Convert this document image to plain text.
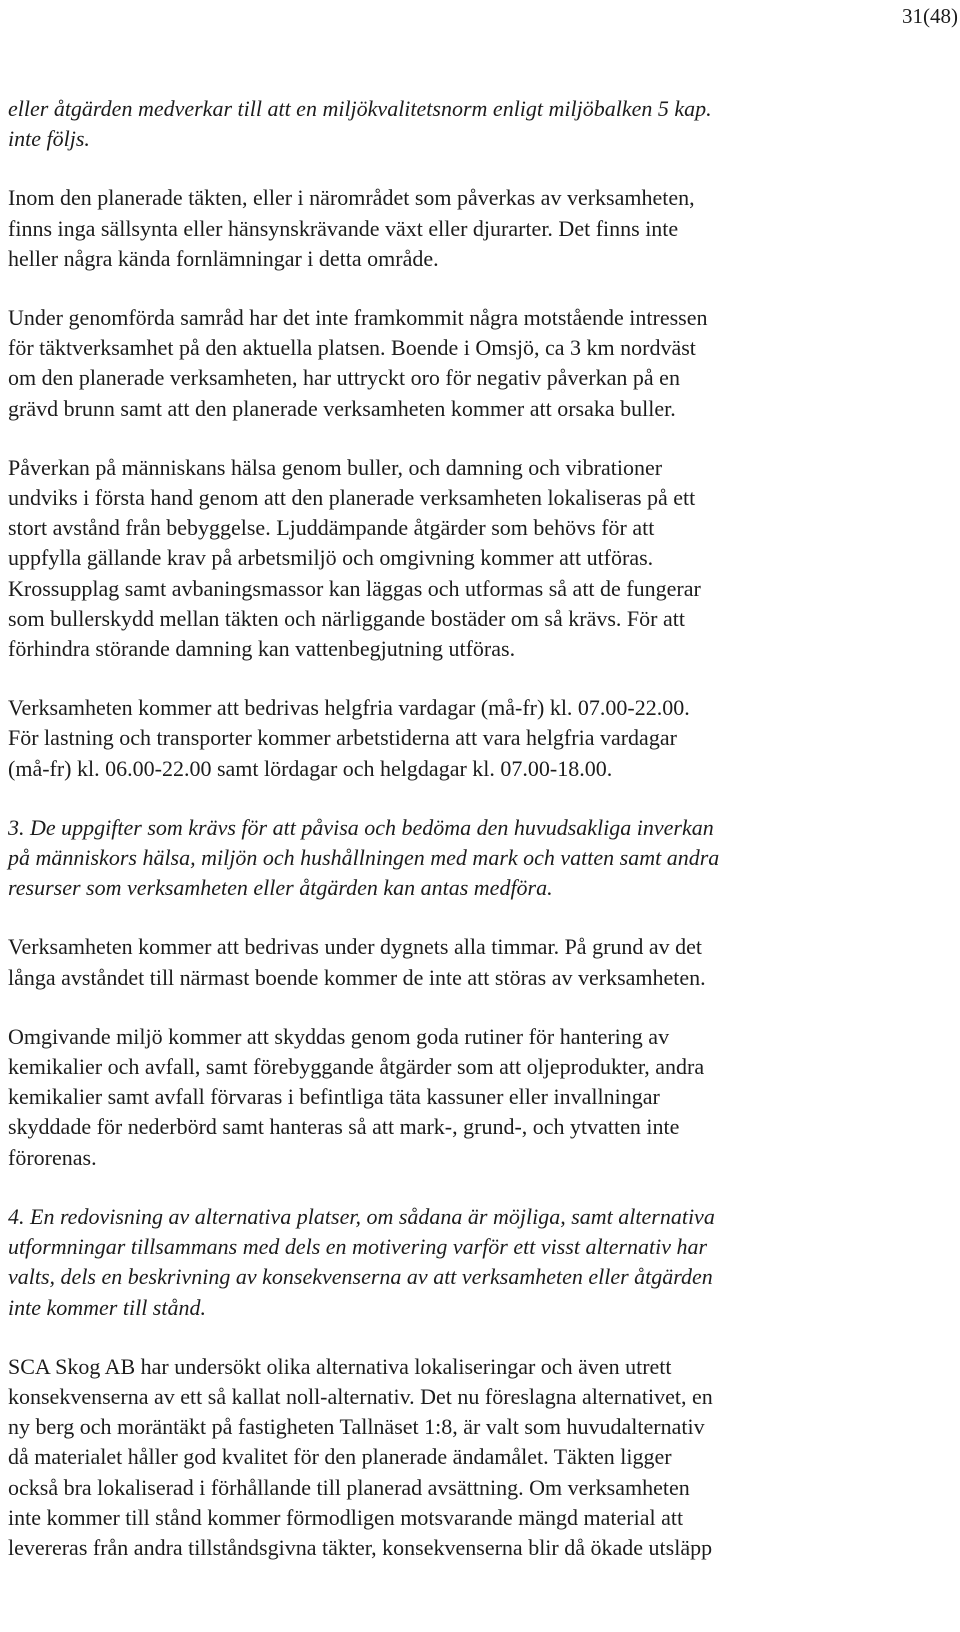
31(48)

eller åtgärden medverkar till att en miljökvalitetsnorm enligt miljöbalken 5 kap.
inte följs.

Inom den planerade täkten, eller i närområdet som påverkas av verksamheten,
finns inga sällsynta eller hänsynskrävande växt eller djurarter. Det finns inte
heller några kända fornlämningar i detta område.

Under genomförda samråd har det inte framkommit några motstående intressen
för täktverksamhet på den aktuella platsen. Boende i Omsjö, ca 3 km nordväst
om den planerade verksamheten, har uttryckt oro för negativ påverkan på en
grävd brunn samt att den planerade verksamheten kommer att orsaka buller.

Påverkan på människans hälsa genom buller, och damning och vibrationer
undviks i första hand genom att den planerade verksamheten lokaliseras på ett
stort avstånd från bebyggelse. Ljuddämpande åtgärder som behövs för att
uppfylla gällande krav på arbetsmiljö och omgivning kommer att utföras.
Krossupplag samt avbaningsmassor kan läggas och utformas så att de fungerar
som bullerskydd mellan täkten och närliggande bostäder om så krävs. För att
förhindra störande damning kan vattenbegjutning utföras.

Verksamheten kommer att bedrivas helgfria vardagar (må-fr) kl. 07.00-22.00.
För lastning och transporter kommer arbetstiderna att vara helgfria vardagar
(må-fr) kl. 06.00-22.00 samt lördagar och helgdagar kl. 07.00-18.00.

3. De uppgifter som krävs för att påvisa och bedöma den huvudsakliga inverkan
på människors hälsa, miljön och hushållningen med mark och vatten samt andra
resurser som verksamheten eller åtgärden kan antas medföra.

Verksamheten kommer att bedrivas under dygnets alla timmar. På grund av det
långa avståndet till närmast boende kommer de inte att störas av verksamheten.

Omgivande miljö kommer att skyddas genom goda rutiner för hantering av
kemikalier och avfall, samt förebyggande åtgärder som att oljeprodukter, andra
kemikalier samt avfall förvaras i befintliga täta kassuner eller invallningar
skyddade för nederbörd samt hanteras så att mark-, grund-, och ytvatten inte
förorenas.

4. En redovisning av alternativa platser, om sådana är möjliga, samt alternativa
utformningar tillsammans med dels en motivering varför ett visst alternativ har
valts, dels en beskrivning av konsekvenserna av att verksamheten eller åtgärden
inte kommer till stånd.

SCA Skog AB har undersökt olika alternativa lokaliseringar och även utrett
konsekvenserna av ett så kallat noll-alternativ. Det nu föreslagna alternativet, en
ny berg och moräntäkt på fastigheten Tallnäset 1:8, är valt som huvudalternativ
då materialet håller god kvalitet för den planerade ändamålet. Täkten ligger
också bra lokaliserad i förhållande till planerad avsättning. Om verksamheten
inte kommer till stånd kommer förmodligen motsvarande mängd material att
levereras från andra tillståndsgivna täkter, konsekvenserna blir då ökade utsläpp
